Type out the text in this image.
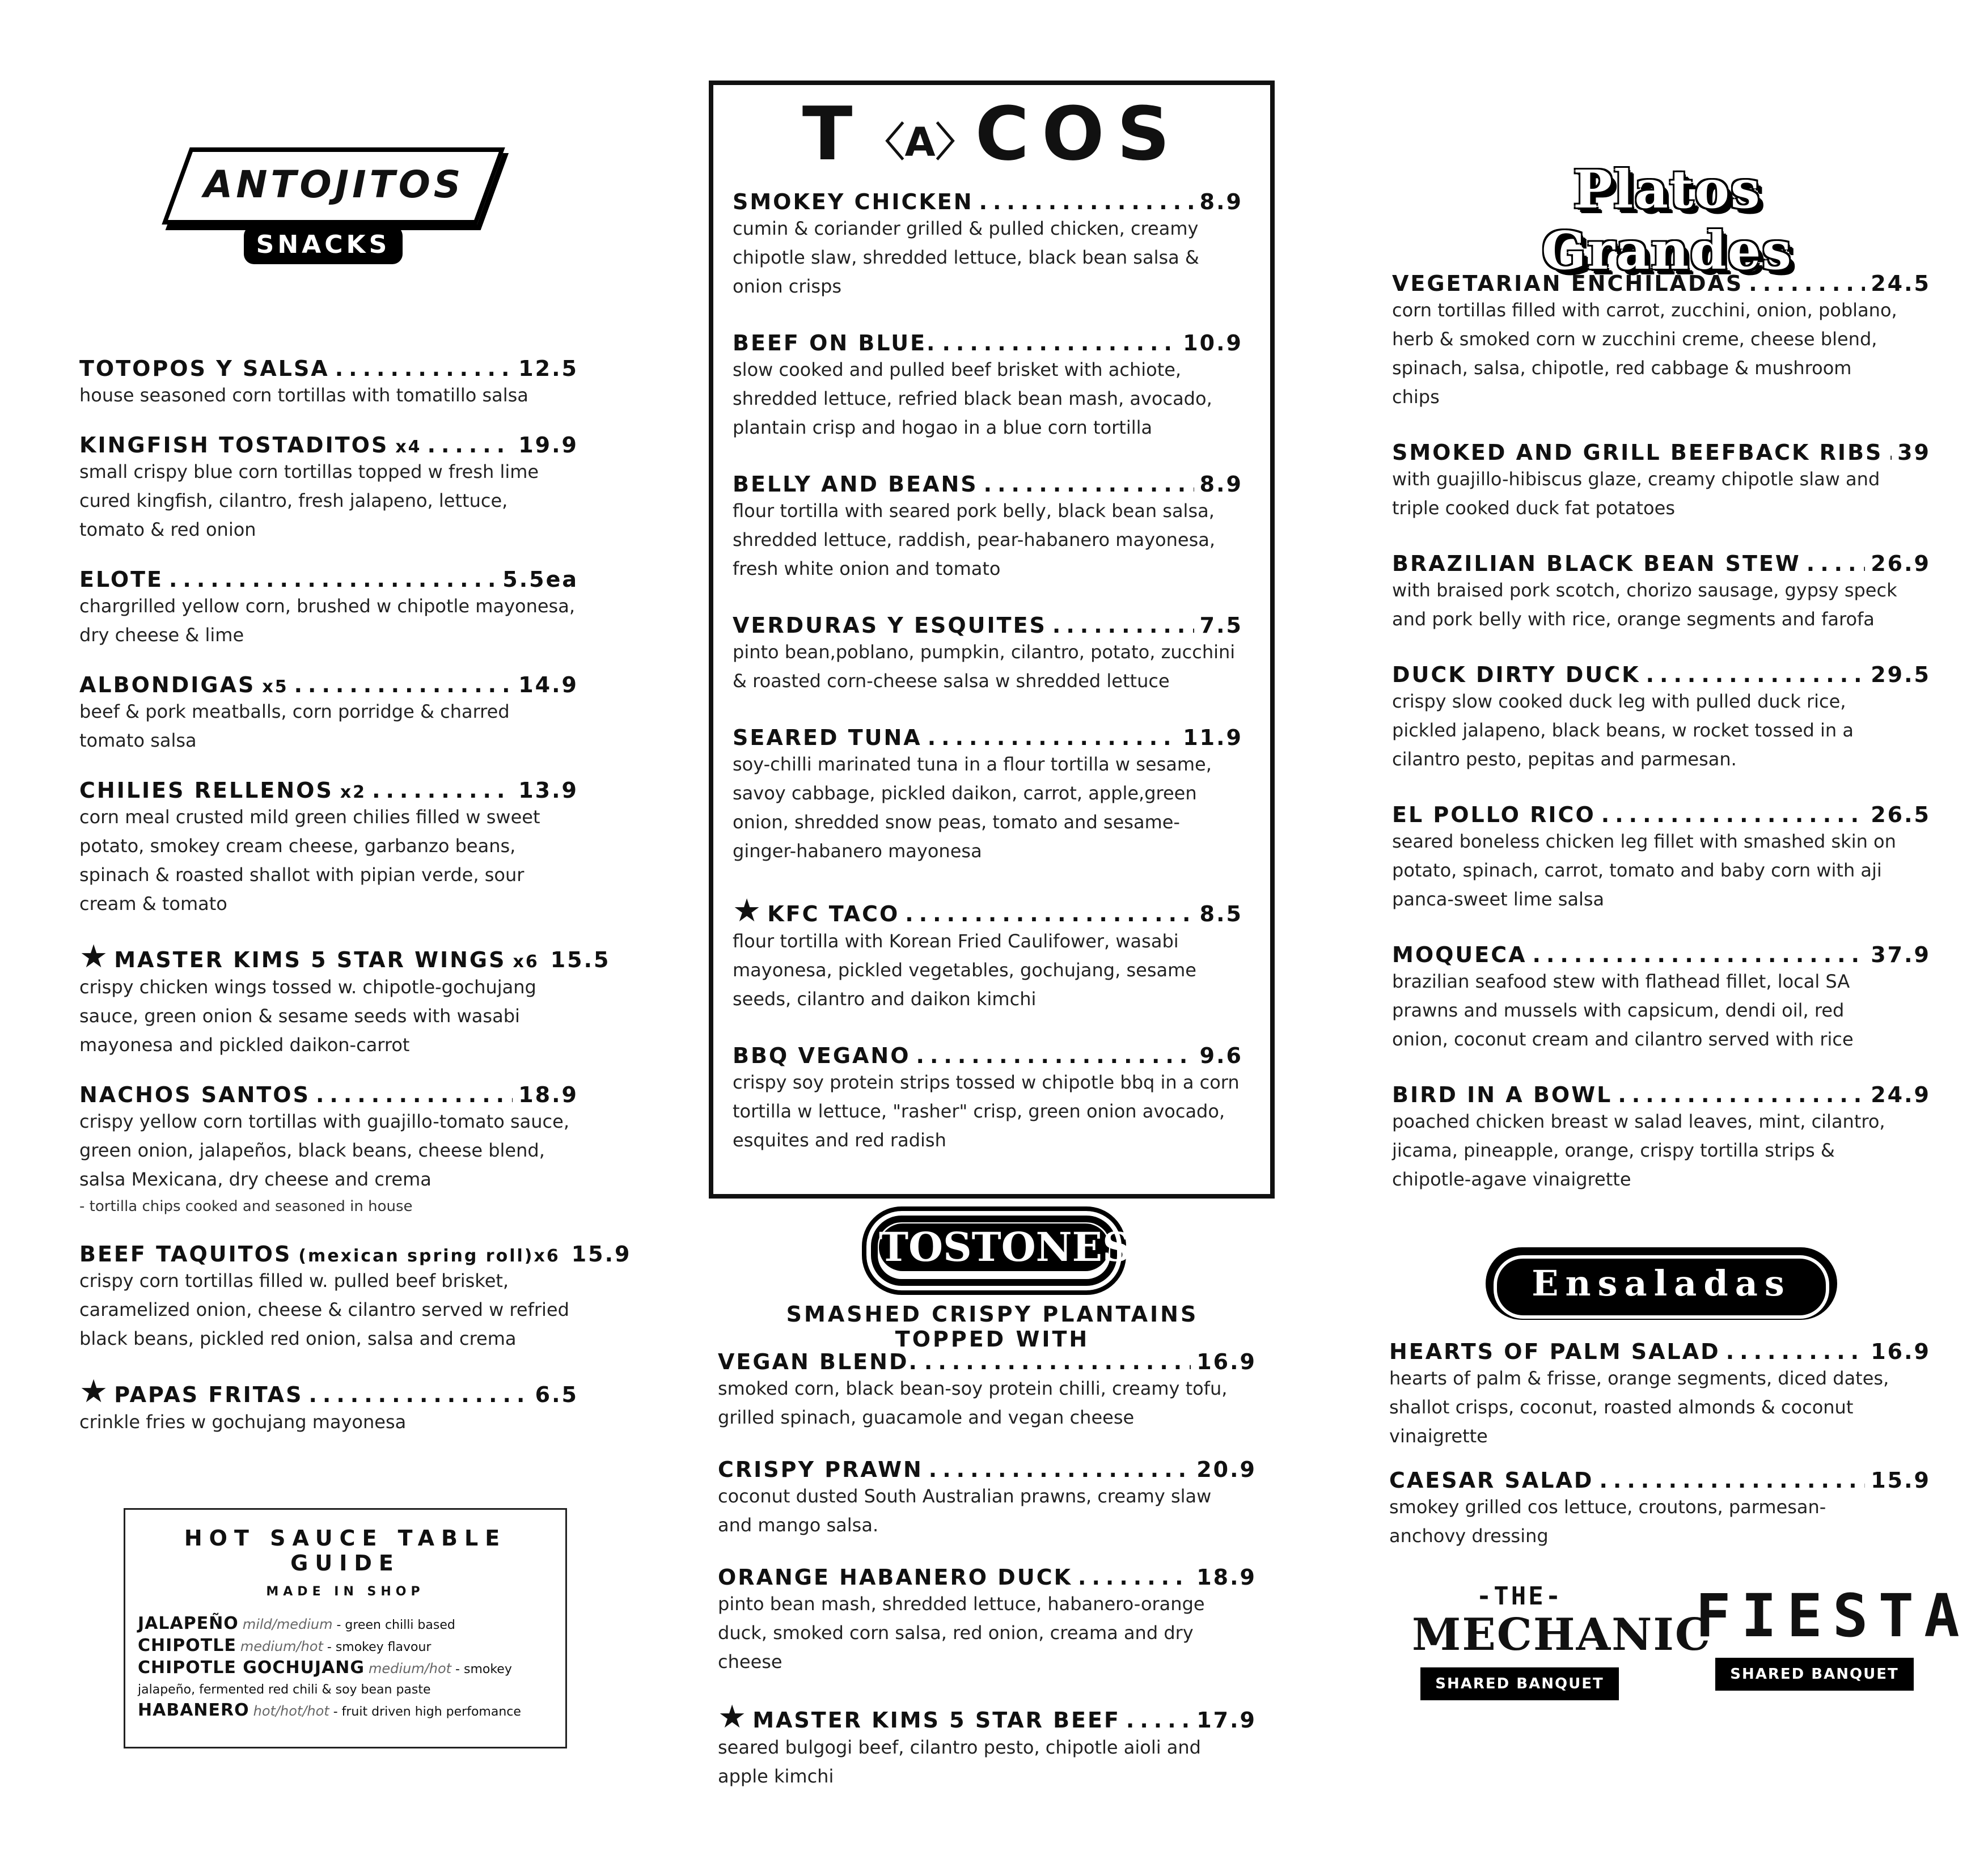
ANTOJITOS
SNACKS
TOTOPOS Y SALSA .....	12.5
house seasoned corn tortillas with tomatillo salsa
KINGFISH TOSTADITOS x4 .....	19.9
small crispy blue corn tortillas topped w fresh lime cured kingfish, cilantro, fresh jalapeno, lettuce, tomato & red onion
ELOTE .....	5.5ea
chargrilled yellow corn, brushed w chipotle mayonesa, dry cheese & lime
ALBONDIGAS x5 .....	14.9
beef & pork meatballs, corn porridge & charred tomato salsa
CHILIES RELLENOS x2 .....	13.9
corn meal crusted mild green chilies filled w sweet potato, smokey cream cheese, garbanzo beans, spinach & roasted shallot with pipian verde, sour cream & tomato
★ MASTER KIMS 5 STAR WINGS x6 15.5
crispy chicken wings tossed w. chipotle-gochujang sauce, green onion & sesame seeds with wasabi mayonesa and pickled daikon-carrot
NACHOS SANTOS .....	18.9
crispy yellow corn tortillas with guajillo-tomato sauce, green onion, jalapeños, black beans, cheese blend, salsa Mexicana, dry cheese and crema
- tortilla chips cooked and seasoned in house
BEEF TAQUITOS (mexican spring roll)x6 15.9
crispy corn tortillas filled w. pulled beef brisket, caramelized onion, cheese & cilantro served w refried black beans, pickled red onion, salsa and crema
★ PAPAS FRITAS .....	6.5
crinkle fries w gochujang mayonesa
HOT SAUCE TABLE GUIDE
MADE IN SHOP
JALAPEÑO mild/medium - green chilli based
CHIPOTLE medium/hot - smokey flavour
CHIPOTLE GOCHUJANG medium/hot - smokey jalapeño, fermented red chili & soy bean paste
HABANERO hot/hot/hot - fruit driven high perfomance
T〈A〉COS
SMOKEY CHICKEN .....	8.9
cumin & coriander grilled & pulled chicken, creamy chipotle slaw, shredded lettuce, black bean salsa & onion crisps
BEEF ON BLUE. .....	10.9
slow cooked and pulled beef brisket with achiote, shredded lettuce, refried black bean mash, avocado, plantain crisp and hogao in a blue corn tortilla
BELLY AND BEANS .....	8.9
flour tortilla with seared pork belly, black bean salsa, shredded lettuce, raddish, pear-habanero mayonesa, fresh white onion and tomato
VERDURAS Y ESQUITES .....	7.5
pinto bean,poblano, pumpkin, cilantro, potato, zucchini & roasted corn-cheese salsa w shredded lettuce
SEARED TUNA .....	11.9
soy-chilli marinated tuna in a flour tortilla w sesame, savoy cabbage, pickled daikon, carrot, apple,green onion, shredded snow peas, tomato and sesame-ginger-habanero mayonesa
★ KFC TACO .....	8.5
flour tortilla with Korean Fried Caulifower, wasabi mayonesa, pickled vegetables, gochujang, sesame seeds, cilantro and daikon kimchi
BBQ VEGANO .....	9.6
crispy soy protein strips tossed w chipotle bbq in a corn tortilla w lettuce, "rasher" crisp, green onion avocado, esquites and red radish
TOSTONES
SMASHED CRISPY PLANTAINS TOPPED WITH
VEGAN BLEND. .....	16.9
smoked corn, black bean-soy protein chilli, creamy tofu, grilled spinach, guacamole and vegan cheese
CRISPY PRAWN .....	20.9
coconut dusted South Australian prawns, creamy slaw and mango salsa.
ORANGE HABANERO DUCK .....	18.9
pinto bean mash, shredded lettuce, habanero-orange duck, smoked corn salsa, red onion, creama and dry cheese
★ MASTER KIMS 5 STAR BEEF .....	17.9
seared bulgogi beef, cilantro pesto, chipotle aioli and apple kimchi
Platos Grandes
VEGETARIAN ENCHILADAS .....	24.5
corn tortillas filled with carrot, zucchini, onion, poblano, herb & smoked corn w zucchini creme, cheese blend, spinach, salsa, chipotle, red cabbage & mushroom chips
SMOKED AND GRILL BEEFBACK RIBS ..... 39
with guajillo-hibiscus glaze, creamy chipotle slaw and triple cooked duck fat potatoes
BRAZILIAN BLACK BEAN STEW .....	26.9
with braised pork scotch, chorizo sausage, gypsy speck and pork belly with rice, orange segments and farofa
DUCK DIRTY DUCK .....	29.5
crispy slow cooked duck leg with pulled duck rice, pickled jalapeno, black beans, w rocket tossed in a cilantro pesto, pepitas and parmesan.
EL POLLO RICO .....	26.5
seared boneless chicken leg fillet with smashed skin on potato, spinach, carrot, tomato and baby corn with aji panca-sweet lime salsa
MOQUECA .....	37.9
brazilian seafood stew with flathead fillet, local SA prawns and mussels with capsicum, dendi oil, red onion, coconut cream and cilantro served with rice
BIRD IN A BOWL .....	24.9
poached chicken breast w salad leaves, mint, cilantro, jicama, pineapple, orange, crispy tortilla strips & chipotle-agave vinaigrette
Ensaladas
HEARTS OF PALM SALAD .....	16.9
hearts of palm & frisse, orange segments, diced dates, shallot crisps, coconut, roasted almonds & coconut vinaigrette
CAESAR SALAD .....	15.9
smokey grilled cos lettuce, croutons, parmesan-anchovy dressing
-THE-
MECHANIC
SHARED BANQUET
FIESTA
SHARED BANQUET
